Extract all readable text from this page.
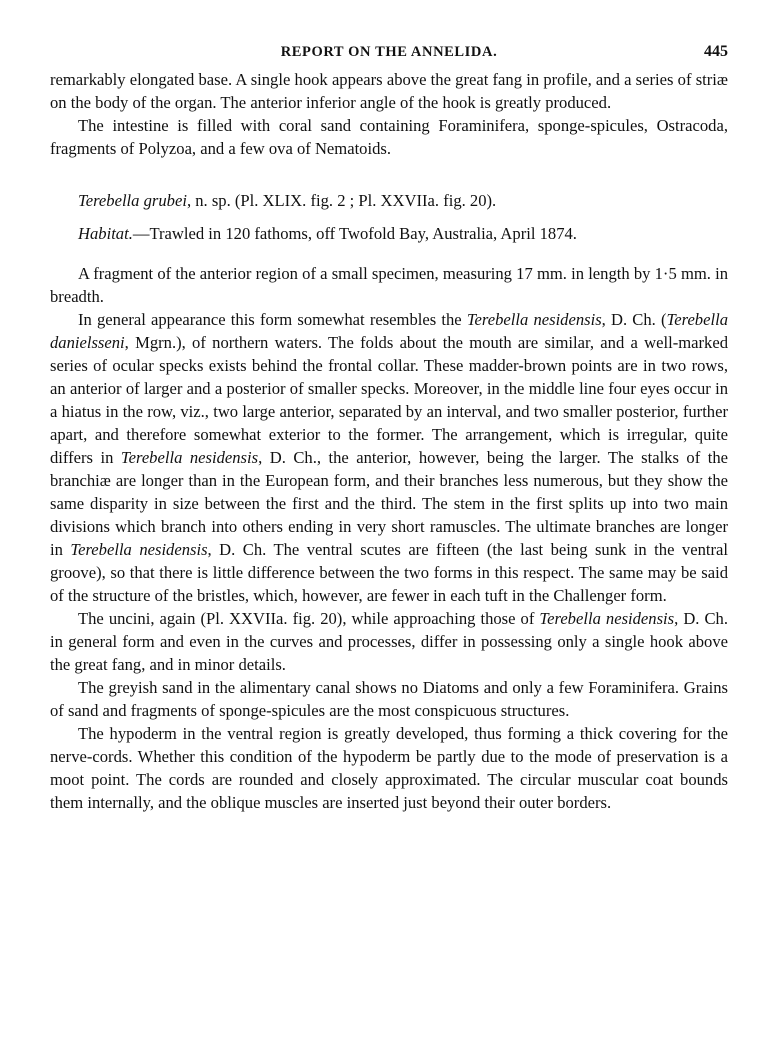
REPORT ON THE ANNELIDA.	445

remarkably elongated base. A single hook appears above the great fang in profile, and a series of striæ on the body of the organ. The anterior inferior angle of the hook is greatly produced.

The intestine is filled with coral sand containing Foraminifera, sponge-spicules, Ostracoda, fragments of Polyzoa, and a few ova of Nematoids.

Terebella grubei, n. sp. (Pl. XLIX. fig. 2 ; Pl. XXVIIa. fig. 20).

Habitat.—Trawled in 120 fathoms, off Twofold Bay, Australia, April 1874.

A fragment of the anterior region of a small specimen, measuring 17 mm. in length by 1·5 mm. in breadth.

In general appearance this form somewhat resembles the Terebella nesidensis, D. Ch. (Terebella danielsseni, Mgrn.), of northern waters. The folds about the mouth are similar, and a well-marked series of ocular specks exists behind the frontal collar. These madder-brown points are in two rows, an anterior of larger and a posterior of smaller specks. Moreover, in the middle line four eyes occur in a hiatus in the row, viz., two large anterior, separated by an interval, and two smaller posterior, further apart, and therefore somewhat exterior to the former. The arrangement, which is irregular, quite differs in Terebella nesidensis, D. Ch., the anterior, however, being the larger. The stalks of the branchiæ are longer than in the European form, and their branches less numerous, but they show the same disparity in size between the first and the third. The stem in the first splits up into two main divisions which branch into others ending in very short ramuscles. The ultimate branches are longer in Terebella nesidensis, D. Ch. The ventral scutes are fifteen (the last being sunk in the ventral groove), so that there is little difference between the two forms in this respect. The same may be said of the structure of the bristles, which, however, are fewer in each tuft in the Challenger form.

The uncini, again (Pl. XXVIIa. fig. 20), while approaching those of Terebella nesidensis, D. Ch. in general form and even in the curves and processes, differ in possessing only a single hook above the great fang, and in minor details.

The greyish sand in the alimentary canal shows no Diatoms and only a few Foraminifera. Grains of sand and fragments of sponge-spicules are the most conspicuous structures.

The hypoderm in the ventral region is greatly developed, thus forming a thick covering for the nerve-cords. Whether this condition of the hypoderm be partly due to the mode of preservation is a moot point. The cords are rounded and closely approximated. The circular muscular coat bounds them internally, and the oblique muscles are inserted just beyond their outer borders.
